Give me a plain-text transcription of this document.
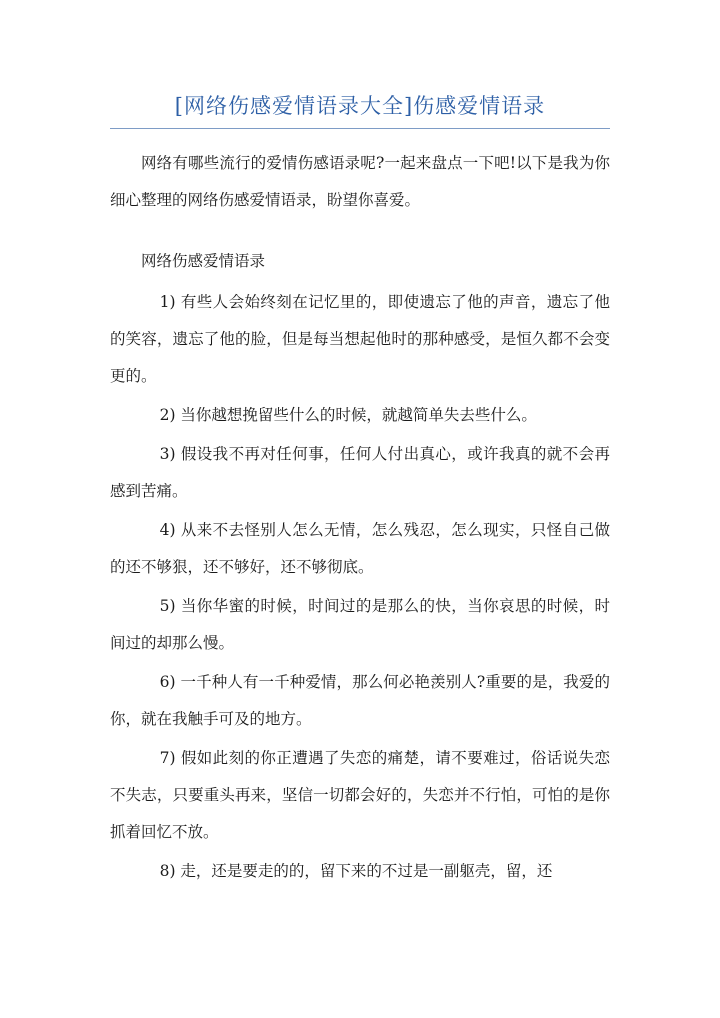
[网络伤感爱情语录大全]伤感爱情语录

网络有哪些流行的爱情伤感语录呢?一起来盘点一下吧!以下是我为你细心整理的网络伤感爱情语录，盼望你喜爱。

网络伤感爱情语录

1) 有些人会始终刻在记忆里的，即使遗忘了他的声音，遗忘了他的笑容，遗忘了他的脸，但是每当想起他时的那种感受，是恒久都不会变更的。

2) 当你越想挽留些什么的时候，就越简单失去些什么。

3) 假设我不再对任何事，任何人付出真心，或许我真的就不会再感到苦痛。

4) 从来不去怪别人怎么无情，怎么残忍，怎么现实，只怪自己做的还不够狠，还不够好，还不够彻底。

5) 当你华蜜的时候，时间过的是那么的快，当你哀思的时候，时间过的却那么慢。

6) 一千种人有一千种爱情，那么何必艳羡别人?重要的是，我爱的你，就在我触手可及的地方。

7) 假如此刻的你正遭遇了失恋的痛楚，请不要难过，俗话说失恋不失志，只要重头再来，坚信一切都会好的，失恋并不行怕，可怕的是你抓着回忆不放。

8) 走，还是要走的的，留下来的不过是一副躯壳，留，还
